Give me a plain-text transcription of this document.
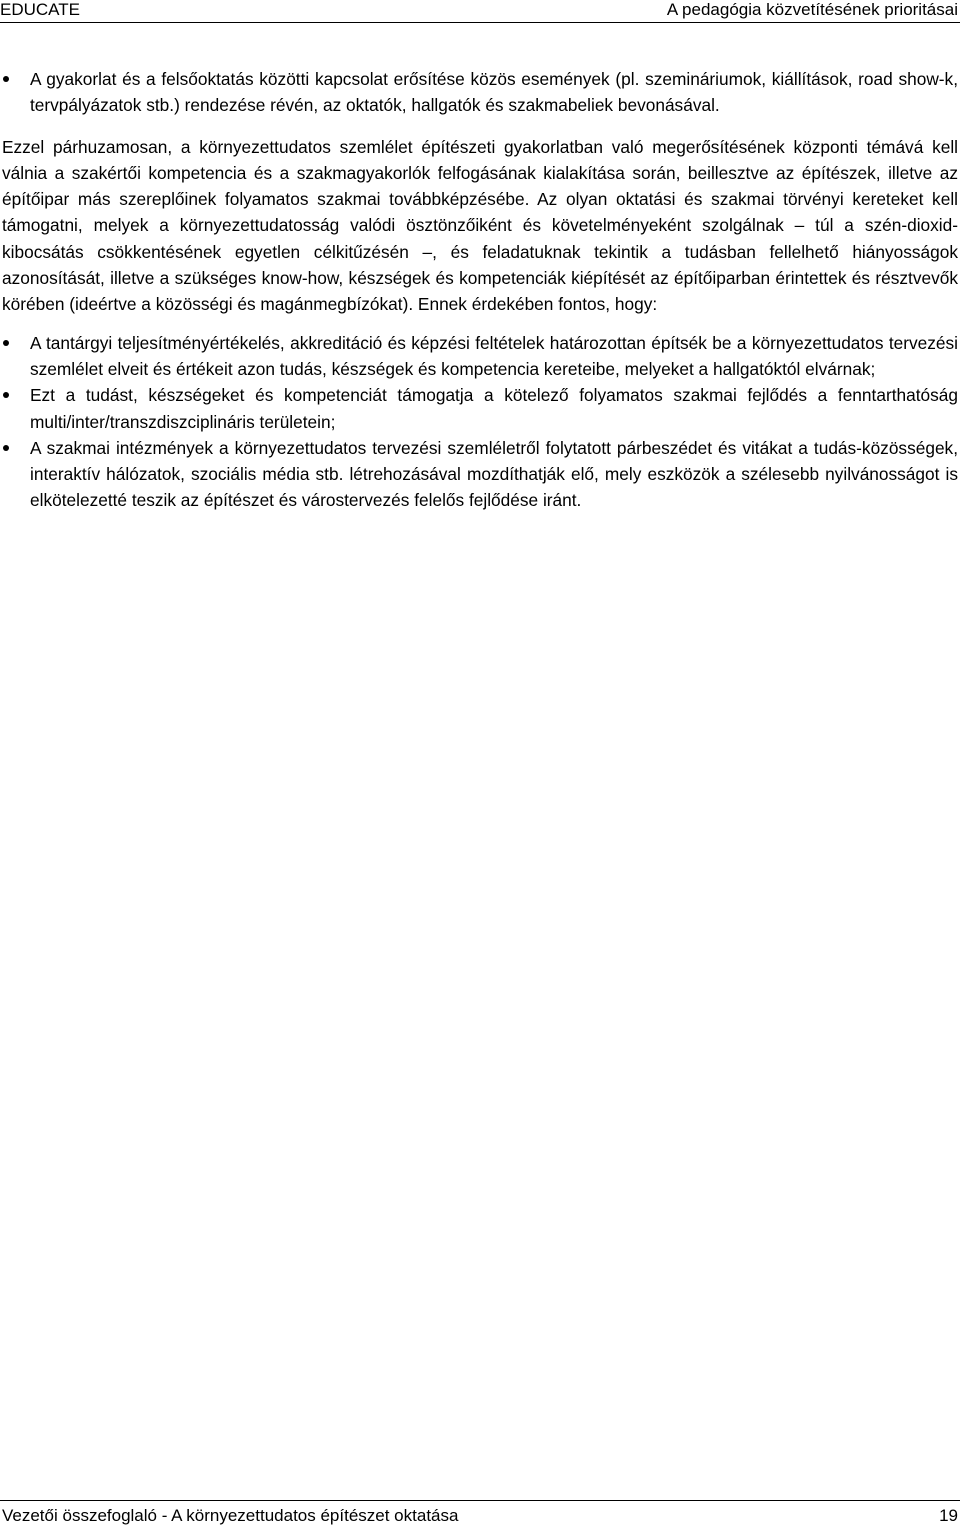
EDUCATE	A pedagógia közvetítésének prioritásai
A gyakorlat és a felsőoktatás közötti kapcsolat erősítése közös események (pl. szemináriumok, kiállítások, road show-k, tervpályázatok stb.) rendezése révén, az oktatók, hallgatók és szakmabeliek bevonásával.

Ezzel párhuzamosan, a környezettudatos szemlélet építészeti gyakorlatban való megerősítésének központi témává kell válnia a szakértői kompetencia és a szakmagyakorlók felfogásának kialakítása során, beillesztve az építészek, illetve az építőipar más szereplőinek folyamatos szakmai továbbképzésébe. Az olyan oktatási és szakmai törvényi kereteket kell támogatni, melyek a környezettudatosság valódi ösztönzőiként és követelményeként szolgálnak – túl a szén-dioxid-kibocsátás csökkentésének egyetlen célkitűzésén –, és feladatuknak tekintik a tudásban fellelhető hiányosságok azonosítását, illetve a szükséges know-how, készségek és kompetenciák kiépítését az építőiparban érintettek és résztvevők körében (ideértve a közösségi és magánmegbízókat). Ennek érdekében fontos, hogy:

A tantárgyi teljesítményértékelés, akkreditáció és képzési feltételek határozottan építsék be a környezettudatos tervezési szemlélet elveit és értékeit azon tudás, készségek és kompetencia kereteibe, melyeket a hallgatóktól elvárnak;
Ezt a tudást, készségeket és kompetenciát támogatja a kötelező folyamatos szakmai fejlődés a fenntarthatóság multi/inter/transzdiszciplináris területein;
A szakmai intézmények a környezettudatos tervezési szemléletről folytatott párbeszédet és vitákat a tudás-közösségek, interaktív hálózatok, szociális média stb. létrehozásával mozdíthatják elő, mely eszközök a szélesebb nyilvánosságot is elkötelezetté teszik az építészet és várostervezés felelős fejlődése iránt.
Vezetői összefoglaló - A környezettudatos építészet oktatása	19
